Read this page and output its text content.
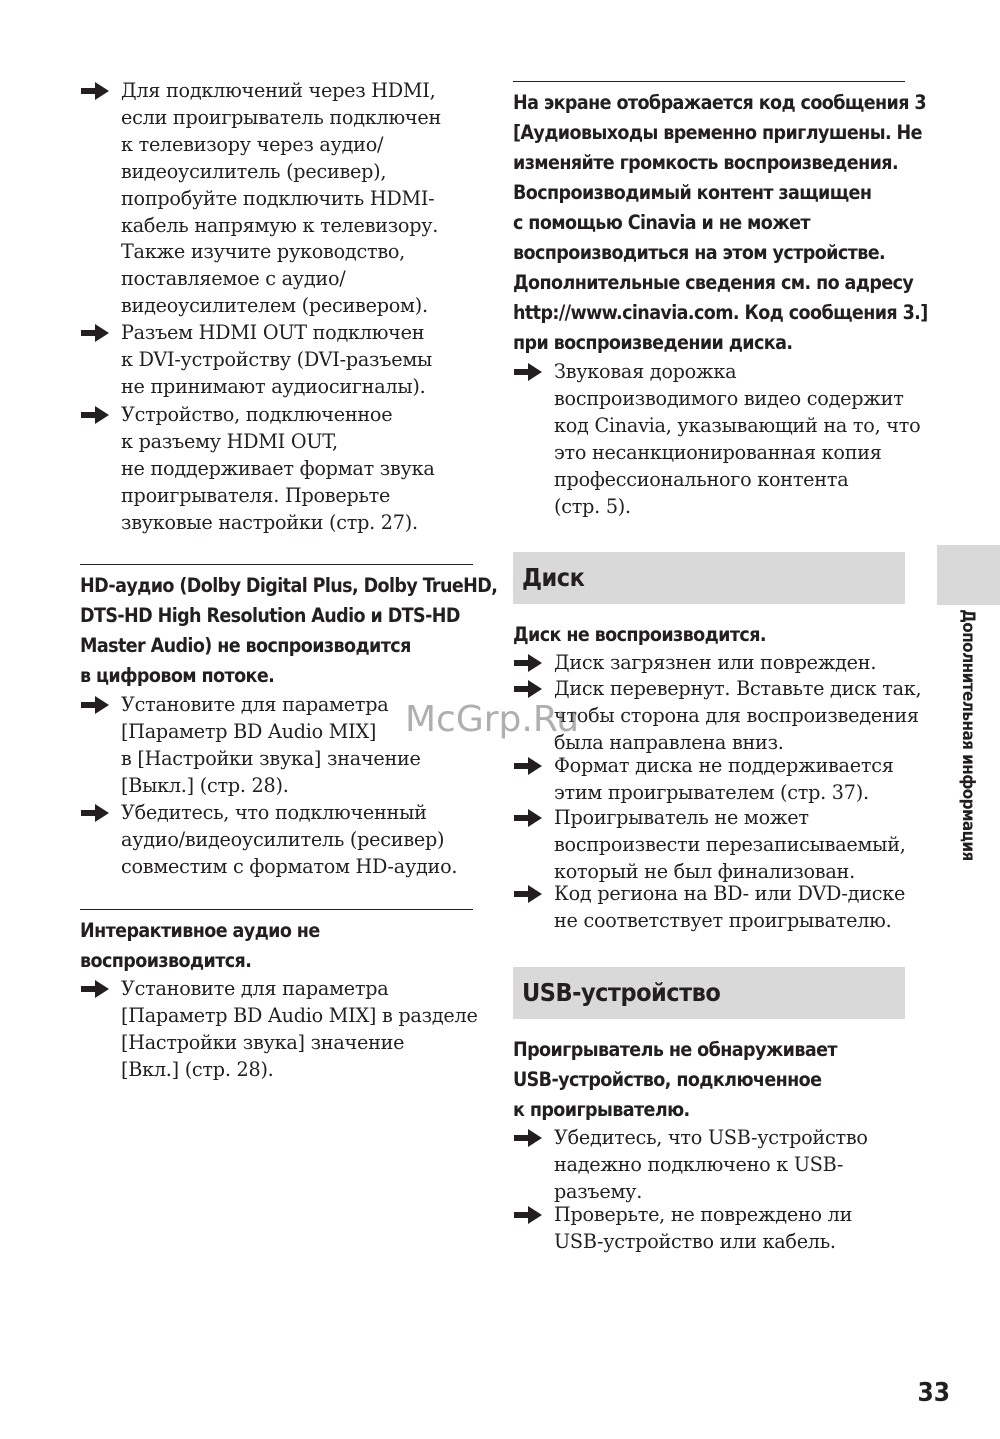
Для подключений через HDMI,
если проигрыватель подключен
к телевизору через аудио/
видеоусилитель (ресивер),
попробуйте подключить HDMI-
кабель напрямую к телевизору.
Также изучите руководство,
поставляемое с аудио/
видеоусилителем (ресивером).

Разъем HDMI OUT подключен
к DVI-устройству (DVI-разъемы
не принимают аудиосигналы).

Устройство, подключенное
к разъему HDMI OUT,
не поддерживает формат звука
проигрывателя. Проверьте
звуковые настройки (стр. 27).

HD-аудио (Dolby Digital Plus, Dolby TrueHD,
DTS-HD High Resolution Audio и DTS-HD
Master Audio) не воспроизводится
в цифровом потоке.

Установите для параметра
[Параметр BD Audio MIX]
в [Настройки звука] значение
[Выкл.] (стр. 28).

Убедитесь, что подключенный
аудио/видеоусилитель (ресивер)
совместим с форматом HD-аудио.

Интерактивное аудио не
воспроизводится.

Установите для параметра
[Параметр BD Audio MIX] в разделе
[Настройки звука] значение
[Вкл.] (стр. 28).

На экране отображается код сообщения 3
[Аудиовыходы временно приглушены. Не
изменяйте громкость воспроизведения.
Воспроизводимый контент защищен
с помощью Cinavia и не может
воспроизводиться на этом устройстве.
Дополнительные сведения см. по адресу
http://www.cinavia.com. Код сообщения 3.]
при воспроизведении диска.

Звуковая дорожка
воспроизводимого видео содержит
код Cinavia, указывающий на то, что
это несанкционированная копия
профессионального контента
(стр. 5).

Диск
Диск не воспроизводится.

Диск загрязнен или поврежден.

Диск перевернут. Вставьте диск так,
чтобы сторона для воспроизведения
была направлена вниз.

Формат диска не поддерживается
этим проигрывателем (стр. 37).

Проигрыватель не может
воспроизвести перезаписываемый,
который не был финализован.

Код региона на BD- или DVD-диске
не соответствует проигрывателю.

USB-устройство
Проигрыватель не обнаруживает
USB-устройство, подключенное
к проигрывателю.

Убедитесь, что USB-устройство
надежно подключено к USB-
разъему.

Проверьте, не повреждено ли
USB-устройство или кабель.

Дополнительная информация
McGrp.Ru

33
